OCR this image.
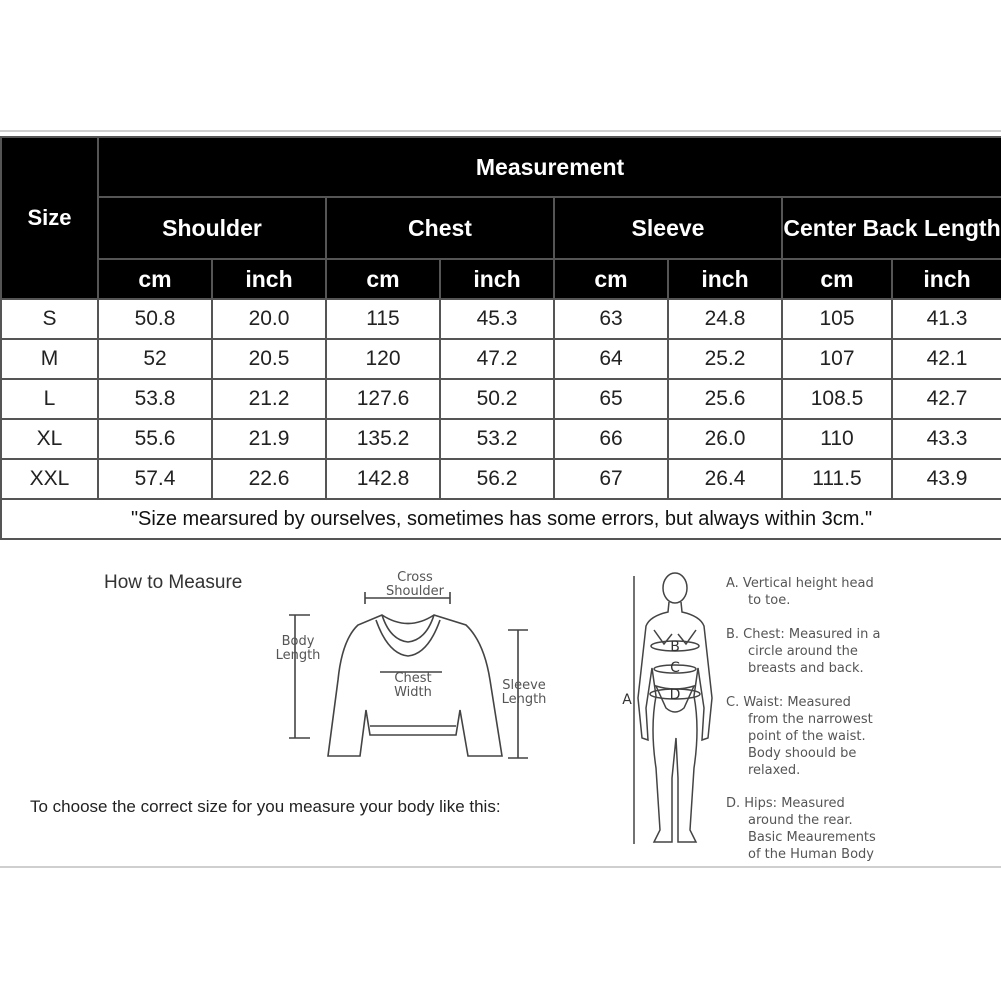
Size	Measurement							
	Shoulder		Chest		Sleeve		Center Back Length	
	cm	inch	cm	inch	cm	inch	cm	inch
S	50.8	20.0	115	45.3	63	24.8	105	41.3
M	52	20.5	120	47.2	64	25.2	107	42.1
L	53.8	21.2	127.6	50.2	65	25.6	108.5	42.7
XL	55.6	21.9	135.2	53.2	66	26.0	110	43.3
XXL	57.4	22.6	142.8	56.2	67	26.4	111.5	43.9
"Size mearsured by ourselves, sometimes has some errors, but always within 3cm."								
How to Measure	Cross
Shoulder
Body
Length
Chest
Width	Sleeve
Length
To choose the correct size for you measure your body like this:
A
B
C
D
A. Vertical height head
to toe.
B. Chest: Measured in a
circle around the
breasts and back.
C. Waist: Measured
from the narrowest
point of the waist.
Body shoould be
relaxed.
D. Hips: Measured
around the rear.
Basic Meaurements
of the Human Body
